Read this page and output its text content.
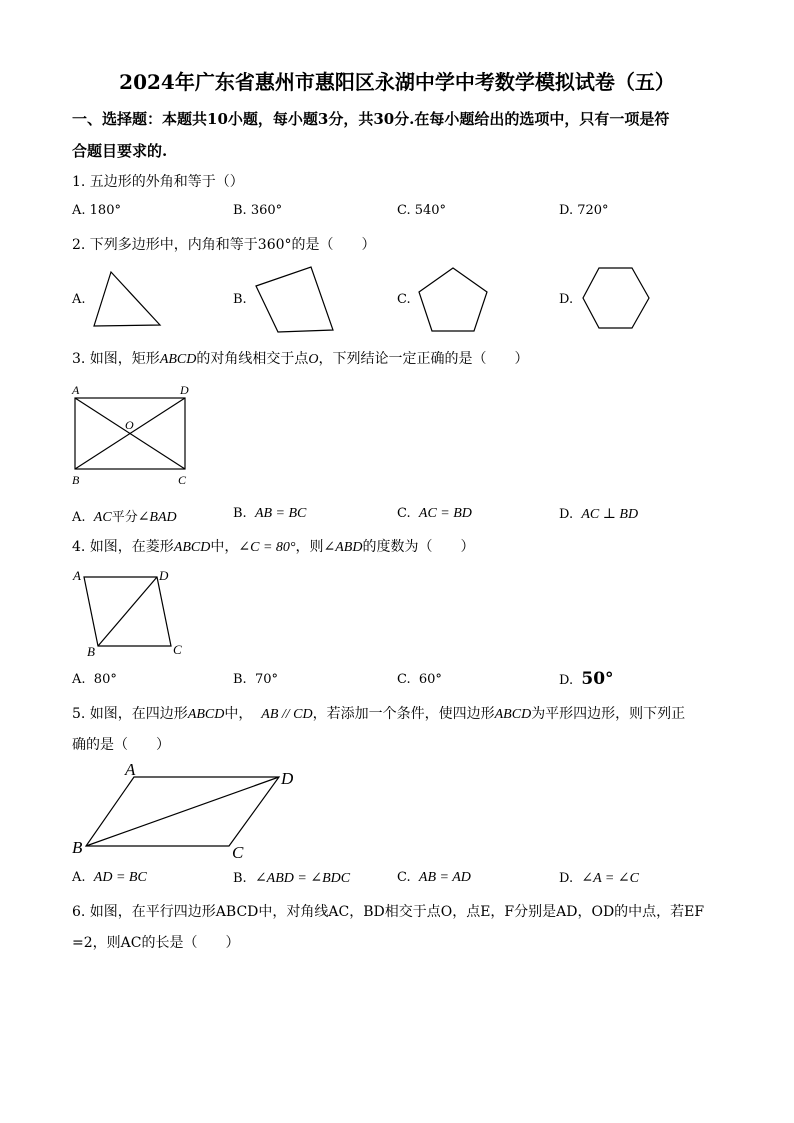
2024年广东省惠州市惠阳区永湖中学中考数学模拟试卷（五）
一、选择题：本题共10小题，每小题3分，共30分.在每小题给出的选项中，只有一项是符
合题目要求的.
1. 五边形的外角和等于（）
A. 180°	B. 360°	C. 540°	D. 720°
2. 下列多边形中，内角和等于360°的是（　　）
A.	B.	C.	D.
3. 如图，矩形ABCD的对角线相交于点O，下列结论一定正确的是（　　）
A	D
O
B	C
A. AC平分∠BAD	B. AB = BC	C. AC = BD	D. AC ⊥ BD
4. 如图，在菱形ABCD中，∠C = 80°，则∠ABD的度数为（　　）
A	D
B	C
A. 80°	B. 70°	C. 60°	D. 50°
5. 如图，在四边形ABCD中， AB // CD，若添加一个条件，使四边形ABCD为平形四边形，则下列正
确的是（　　）
A	D
B	C
A. AD = BC	B. ∠ABD = ∠BDC	C. AB = AD	D. ∠A = ∠C
6. 如图，在平行四边形ABCD中，对角线AC，BD相交于点O，点E，F分别是AD，OD的中点，若EF
=2，则AC的长是（　　）
